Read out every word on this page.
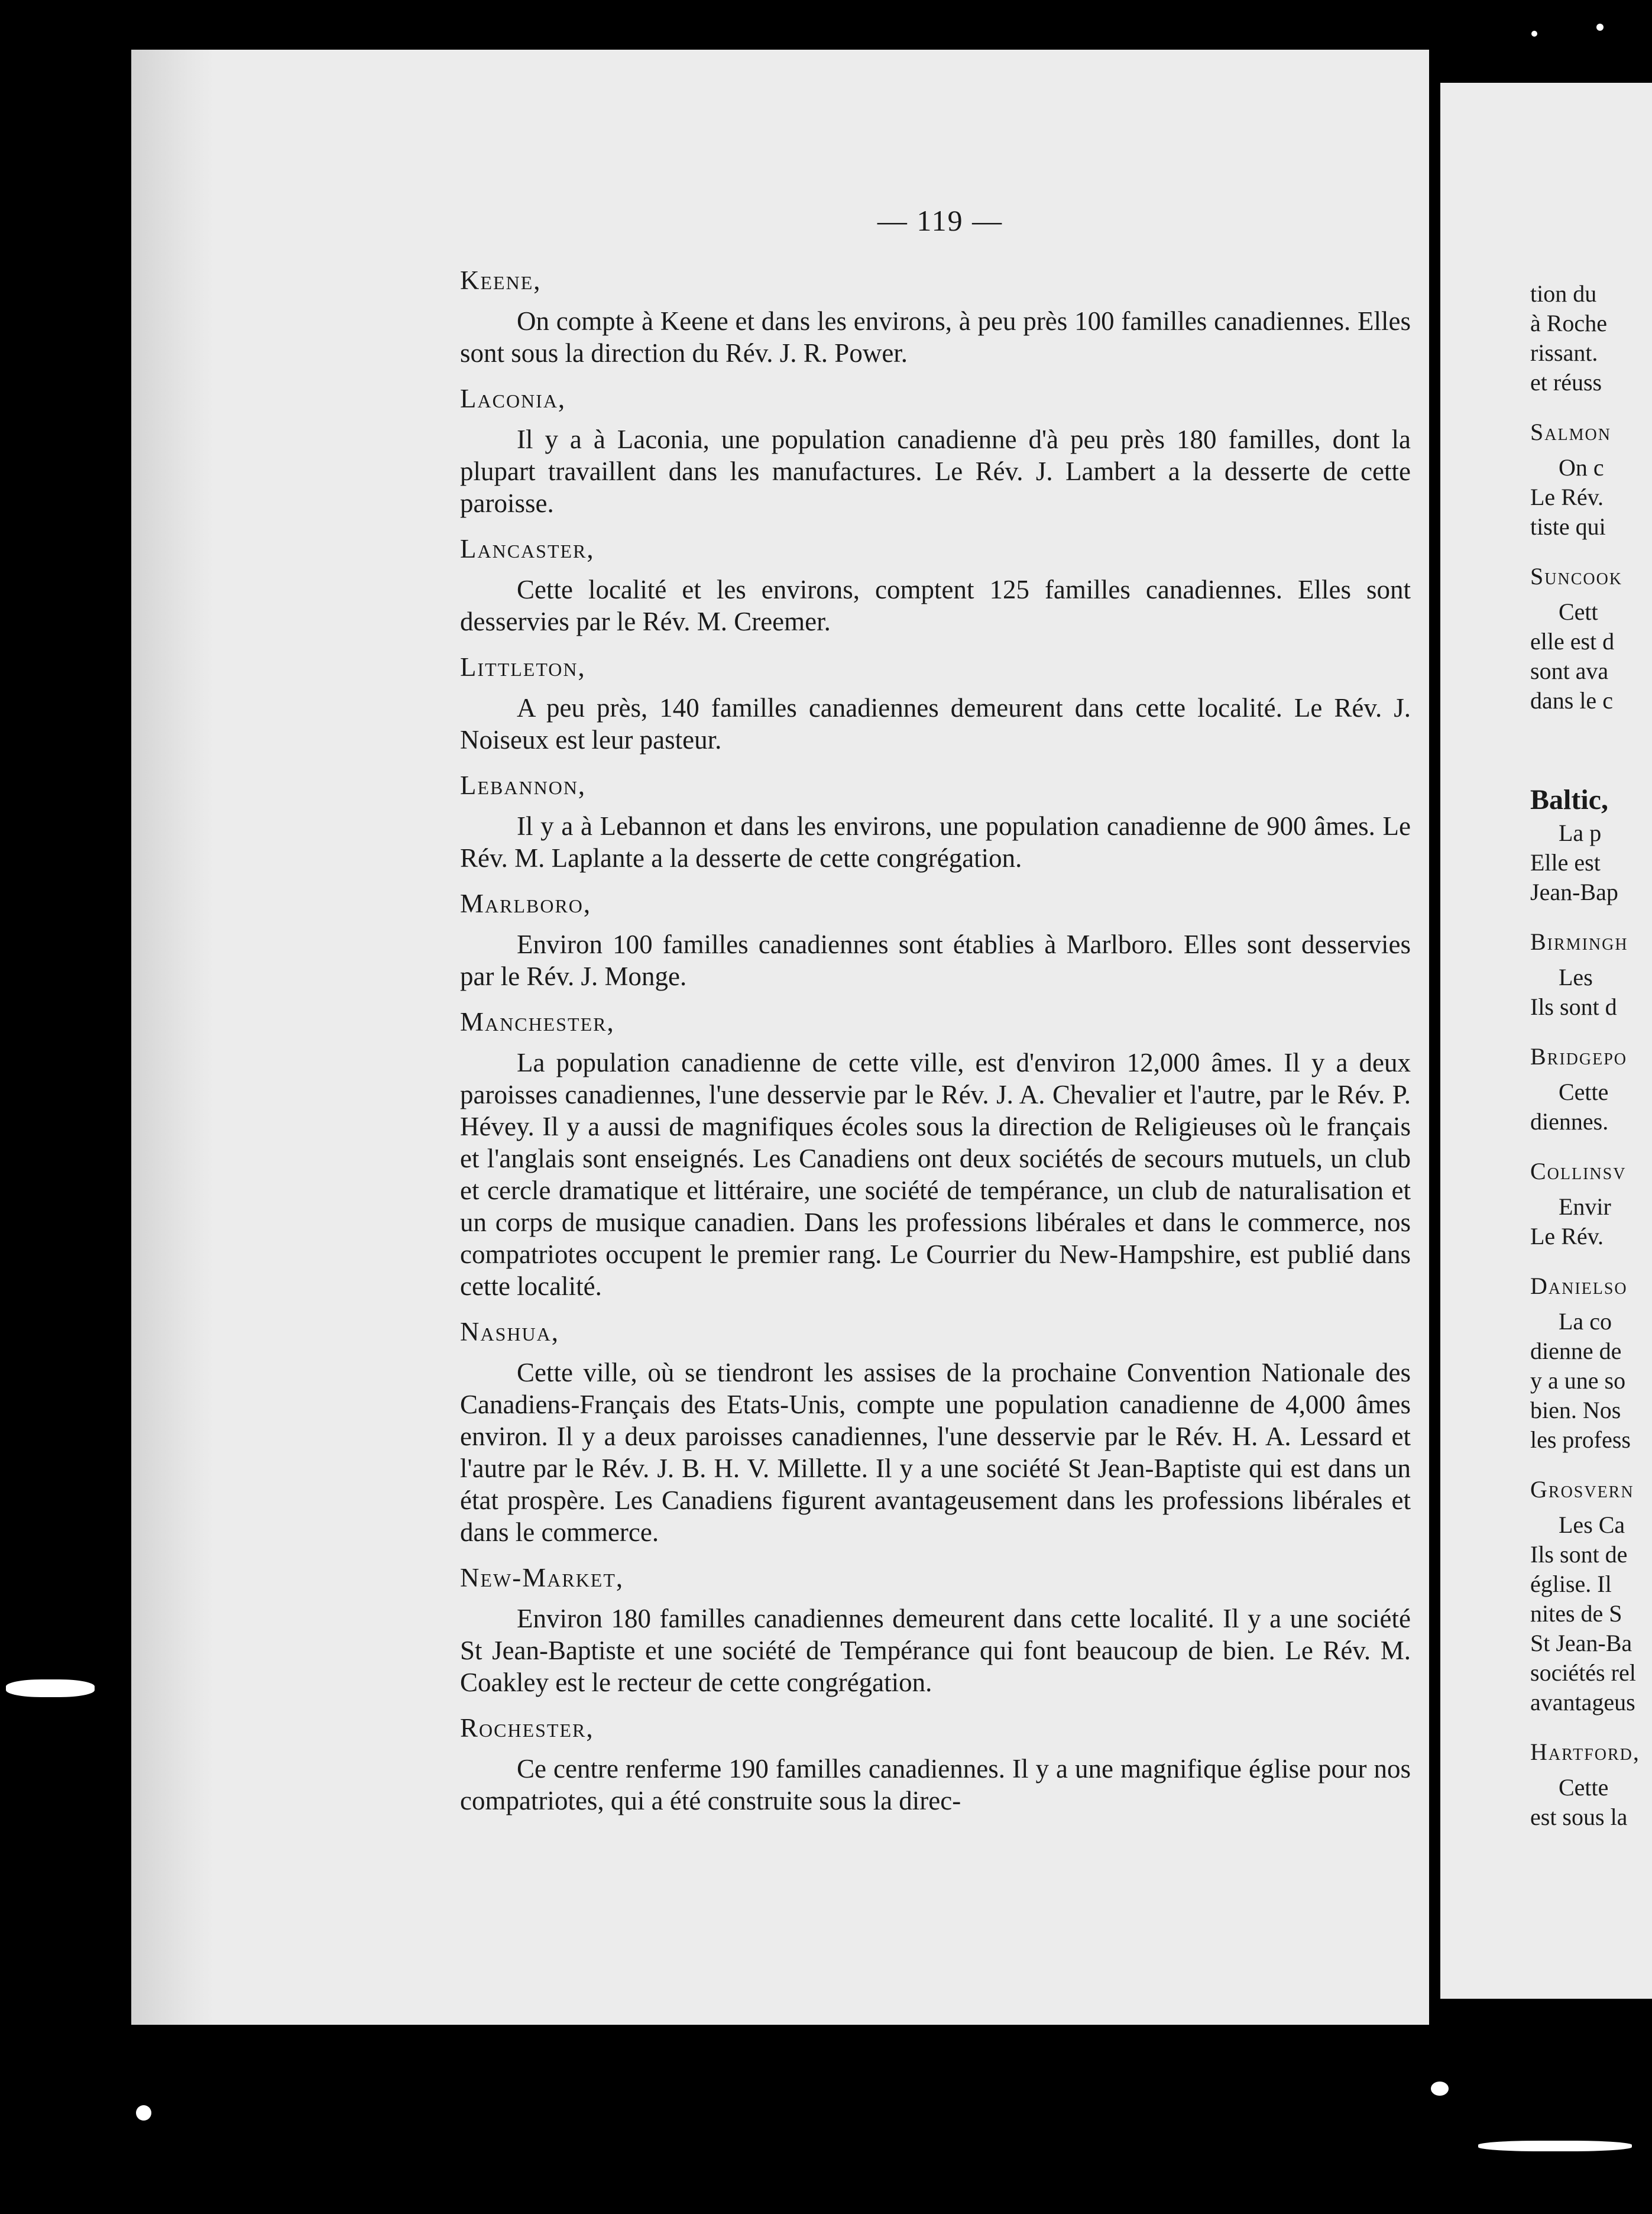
— 119 —

Keene,

On compte à Keene et dans les environs, à peu près 100 familles canadiennes. Elles sont sous la direction du Rév. J. R. Power.

Laconia,

Il y a à Laconia, une population canadienne d'à peu près 180 familles, dont la plupart travaillent dans les manufactures. Le Rév. J. Lambert a la desserte de cette paroisse.

Lancaster,

Cette localité et les environs, comptent 125 familles canadiennes. Elles sont desservies par le Rév. M. Creemer.

Littleton,

A peu près, 140 familles canadiennes demeurent dans cette localité. Le Rév. J. Noiseux est leur pasteur.

Lebannon,

Il y a à Lebannon et dans les environs, une population canadienne de 900 âmes. Le Rév. M. Laplante a la desserte de cette congrégation.

Marlboro,

Environ 100 familles canadiennes sont établies à Marlboro. Elles sont desservies par le Rév. J. Monge.

Manchester,

La population canadienne de cette ville, est d'environ 12,000 âmes. Il y a deux paroisses canadiennes, l'une desservie par le Rév. J. A. Chevalier et l'autre, par le Rév. P. Hévey. Il y a aussi de magnifiques écoles sous la direction de Religieuses où le français et l'anglais sont enseignés. Les Canadiens ont deux sociétés de secours mutuels, un club et cercle dramatique et littéraire, une société de tempérance, un club de naturalisation et un corps de musique canadien. Dans les professions libérales et dans le commerce, nos compatriotes occupent le premier rang. Le Courrier du New-Hampshire, est publié dans cette localité.

Nashua,

Cette ville, où se tiendront les assises de la prochaine Convention Nationale des Canadiens-Français des Etats-Unis, compte une population canadienne de 4,000 âmes environ. Il y a deux paroisses canadiennes, l'une desservie par le Rév. H. A. Lessard et l'autre par le Rév. J. B. H. V. Millette. Il y a une société St Jean-Baptiste qui est dans un état prospère. Les Canadiens figurent avantageusement dans les professions libérales et dans le commerce.

New-Market,

Environ 180 familles canadiennes demeurent dans cette localité. Il y a une société St Jean-Baptiste et une société de Tempérance qui font beaucoup de bien. Le Rév. M. Coakley est le recteur de cette congrégation.

Rochester,

Ce centre renferme 190 familles canadiennes. Il y a une magnifique église pour nos compatriotes, qui a été construite sous la direc-

tion du

à Roche

rissant.

et réuss

Salmon

On c

Le Rév.

tiste qui

Suncook

Cett

elle est d

sont ava

dans le c

Baltic,

La p

Elle est

Jean-Bap

Birmingh

Les

Ils sont d

Bridgepo

Cette

diennes.

Collinsv

Envir

Le Rév.

Danielso

La co

dienne de

y a une so

bien. Nos

les profess

Grosvern

Les Ca

Ils sont de

église. Il

nites de S

St Jean-Ba

sociétés rel

avantageus

Hartford,

Cette

est sous la
